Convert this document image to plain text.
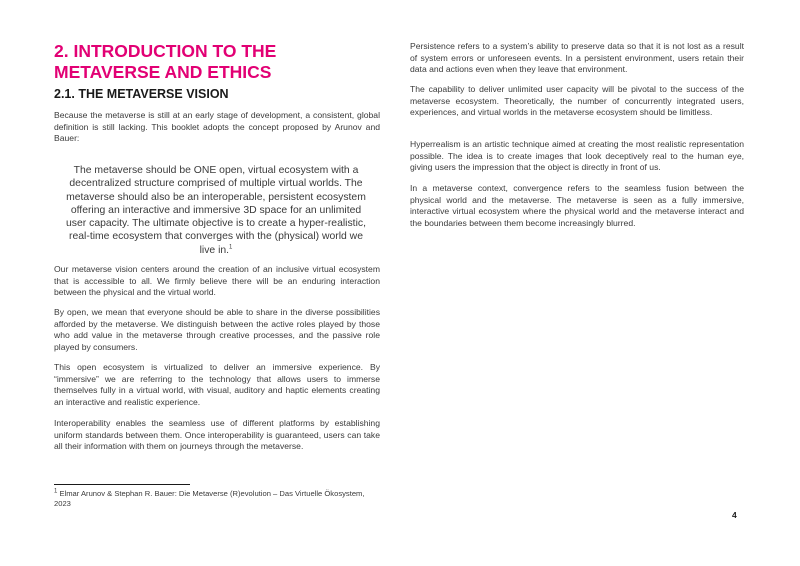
2. INTRODUCTION TO THE METAVERSE AND ETHICS
2.1. THE METAVERSE VISION

Because the metaverse is still at an early stage of development, a consistent, global definition is still lacking. This booklet adopts the concept proposed by Arunov and Bauer:

The metaverse should be ONE open, virtual ecosystem with a decentralized structure comprised of multiple virtual worlds. The metaverse should also be an interoperable, persistent ecosystem offering an interactive and immersive 3D space for an unlimited user capacity. The ultimate objective is to create a hyper-realistic, real-time ecosystem that converges with the (physical) world we live in.$^1$

Our metaverse vision centers around the creation of an inclusive virtual ecosystem that is accessible to all. We firmly believe there will be an enduring interaction between the physical and the virtual world.

By open, we mean that everyone should be able to share in the diverse possibilities afforded by the metaverse. We distinguish between the active roles played by those who add value in the metaverse through creative processes, and the passive role played by consumers.

This open ecosystem is virtualized to deliver an immersive experience. By “immersive” we are referring to the technology that allows users to immerse themselves fully in a virtual world, with visual, auditory and haptic elements creating an interactive and realistic experience.

Interoperability enables the seamless use of different platforms by establishing uniform standards between them. Once interoperability is guaranteed, users can take all their information with them on journeys through the metaverse.

Persistence refers to a system’s ability to preserve data so that it is not lost as a result of system errors or unforeseen events. In a persistent environment, users retain their data and actions even when they leave that environment.

The capability to deliver unlimited user capacity will be pivotal to the success of the metaverse ecosystem. Theoretically, the number of concurrently integrated users, experiences, and virtual worlds in the metaverse ecosystem should be limitless.

Hyperrealism is an artistic technique aimed at creating the most realistic representation possible. The idea is to create images that look deceptively real to the human eye, giving users the impression that the object is directly in front of us.

In a metaverse context, convergence refers to the seamless fusion between the physical world and the metaverse. The metaverse is seen as a fully immersive, interactive virtual ecosystem where the physical world and the metaverse interact and the boundaries between them become increasingly blurred.

$^1$ Elmar Arunov & Stephan R. Bauer: Die Metaverse (R)evolution – Das Virtuelle Ökosystem, 2023
4
